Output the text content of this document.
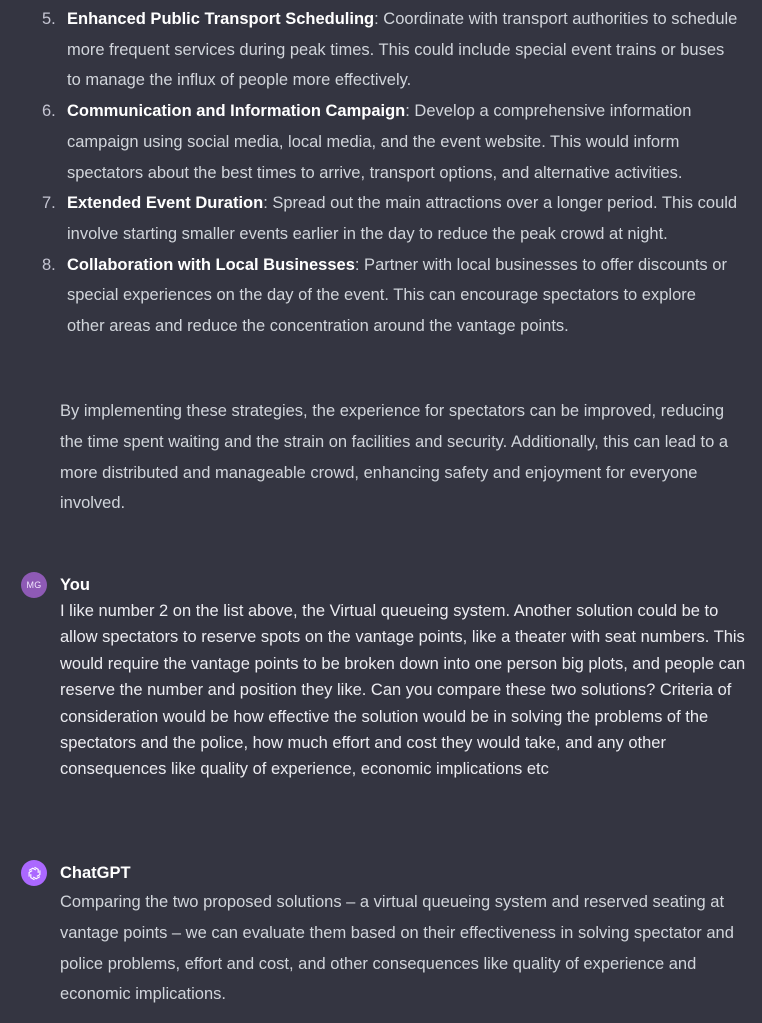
5. Enhanced Public Transport Scheduling: Coordinate with transport authorities to schedule more frequent services during peak times. This could include special event trains or buses to manage the influx of people more effectively.
6. Communication and Information Campaign: Develop a comprehensive information campaign using social media, local media, and the event website. This would inform spectators about the best times to arrive, transport options, and alternative activities.
7. Extended Event Duration: Spread out the main attractions over a longer period. This could involve starting smaller events earlier in the day to reduce the peak crowd at night.
8. Collaboration with Local Businesses: Partner with local businesses to offer discounts or special experiences on the day of the event. This can encourage spectators to explore other areas and reduce the concentration around the vantage points.

By implementing these strategies, the experience for spectators can be improved, reducing the time spent waiting and the strain on facilities and security. Additionally, this can lead to a more distributed and manageable crowd, enhancing safety and enjoyment for everyone involved.

MG	You

I like number 2 on the list above, the Virtual queueing system. Another solution could be to allow spectators to reserve spots on the vantage points, like a theater with seat numbers. This would require the vantage points to be broken down into one person big plots, and people can reserve the number and position they like. Can you compare these two solutions? Criteria of consideration would be how effective the solution would be in solving the problems of the spectators and the police, how much effort and cost they would take, and any other consequences like quality of experience, economic implications etc

ChatGPT

Comparing the two proposed solutions – a virtual queueing system and reserved seating at vantage points – we can evaluate them based on their effectiveness in solving spectator and police problems, effort and cost, and other consequences like quality of experience and economic implications.
